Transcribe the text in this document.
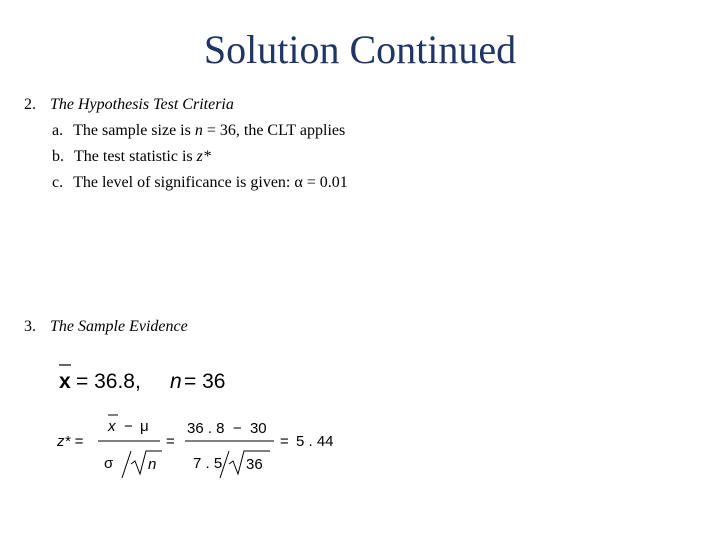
Solution Continued
2. The Hypothesis Test Criteria
a. The sample size is n = 36, the CLT applies
b. The test statistic is z*
c. The level of significance is given: α = 0.01
3. The Sample Evidence
x = 36.8, n = 36
z* =
x − μ
σ n
=
36 . 8  −  30
7 . 5 36
= 5 . 44
